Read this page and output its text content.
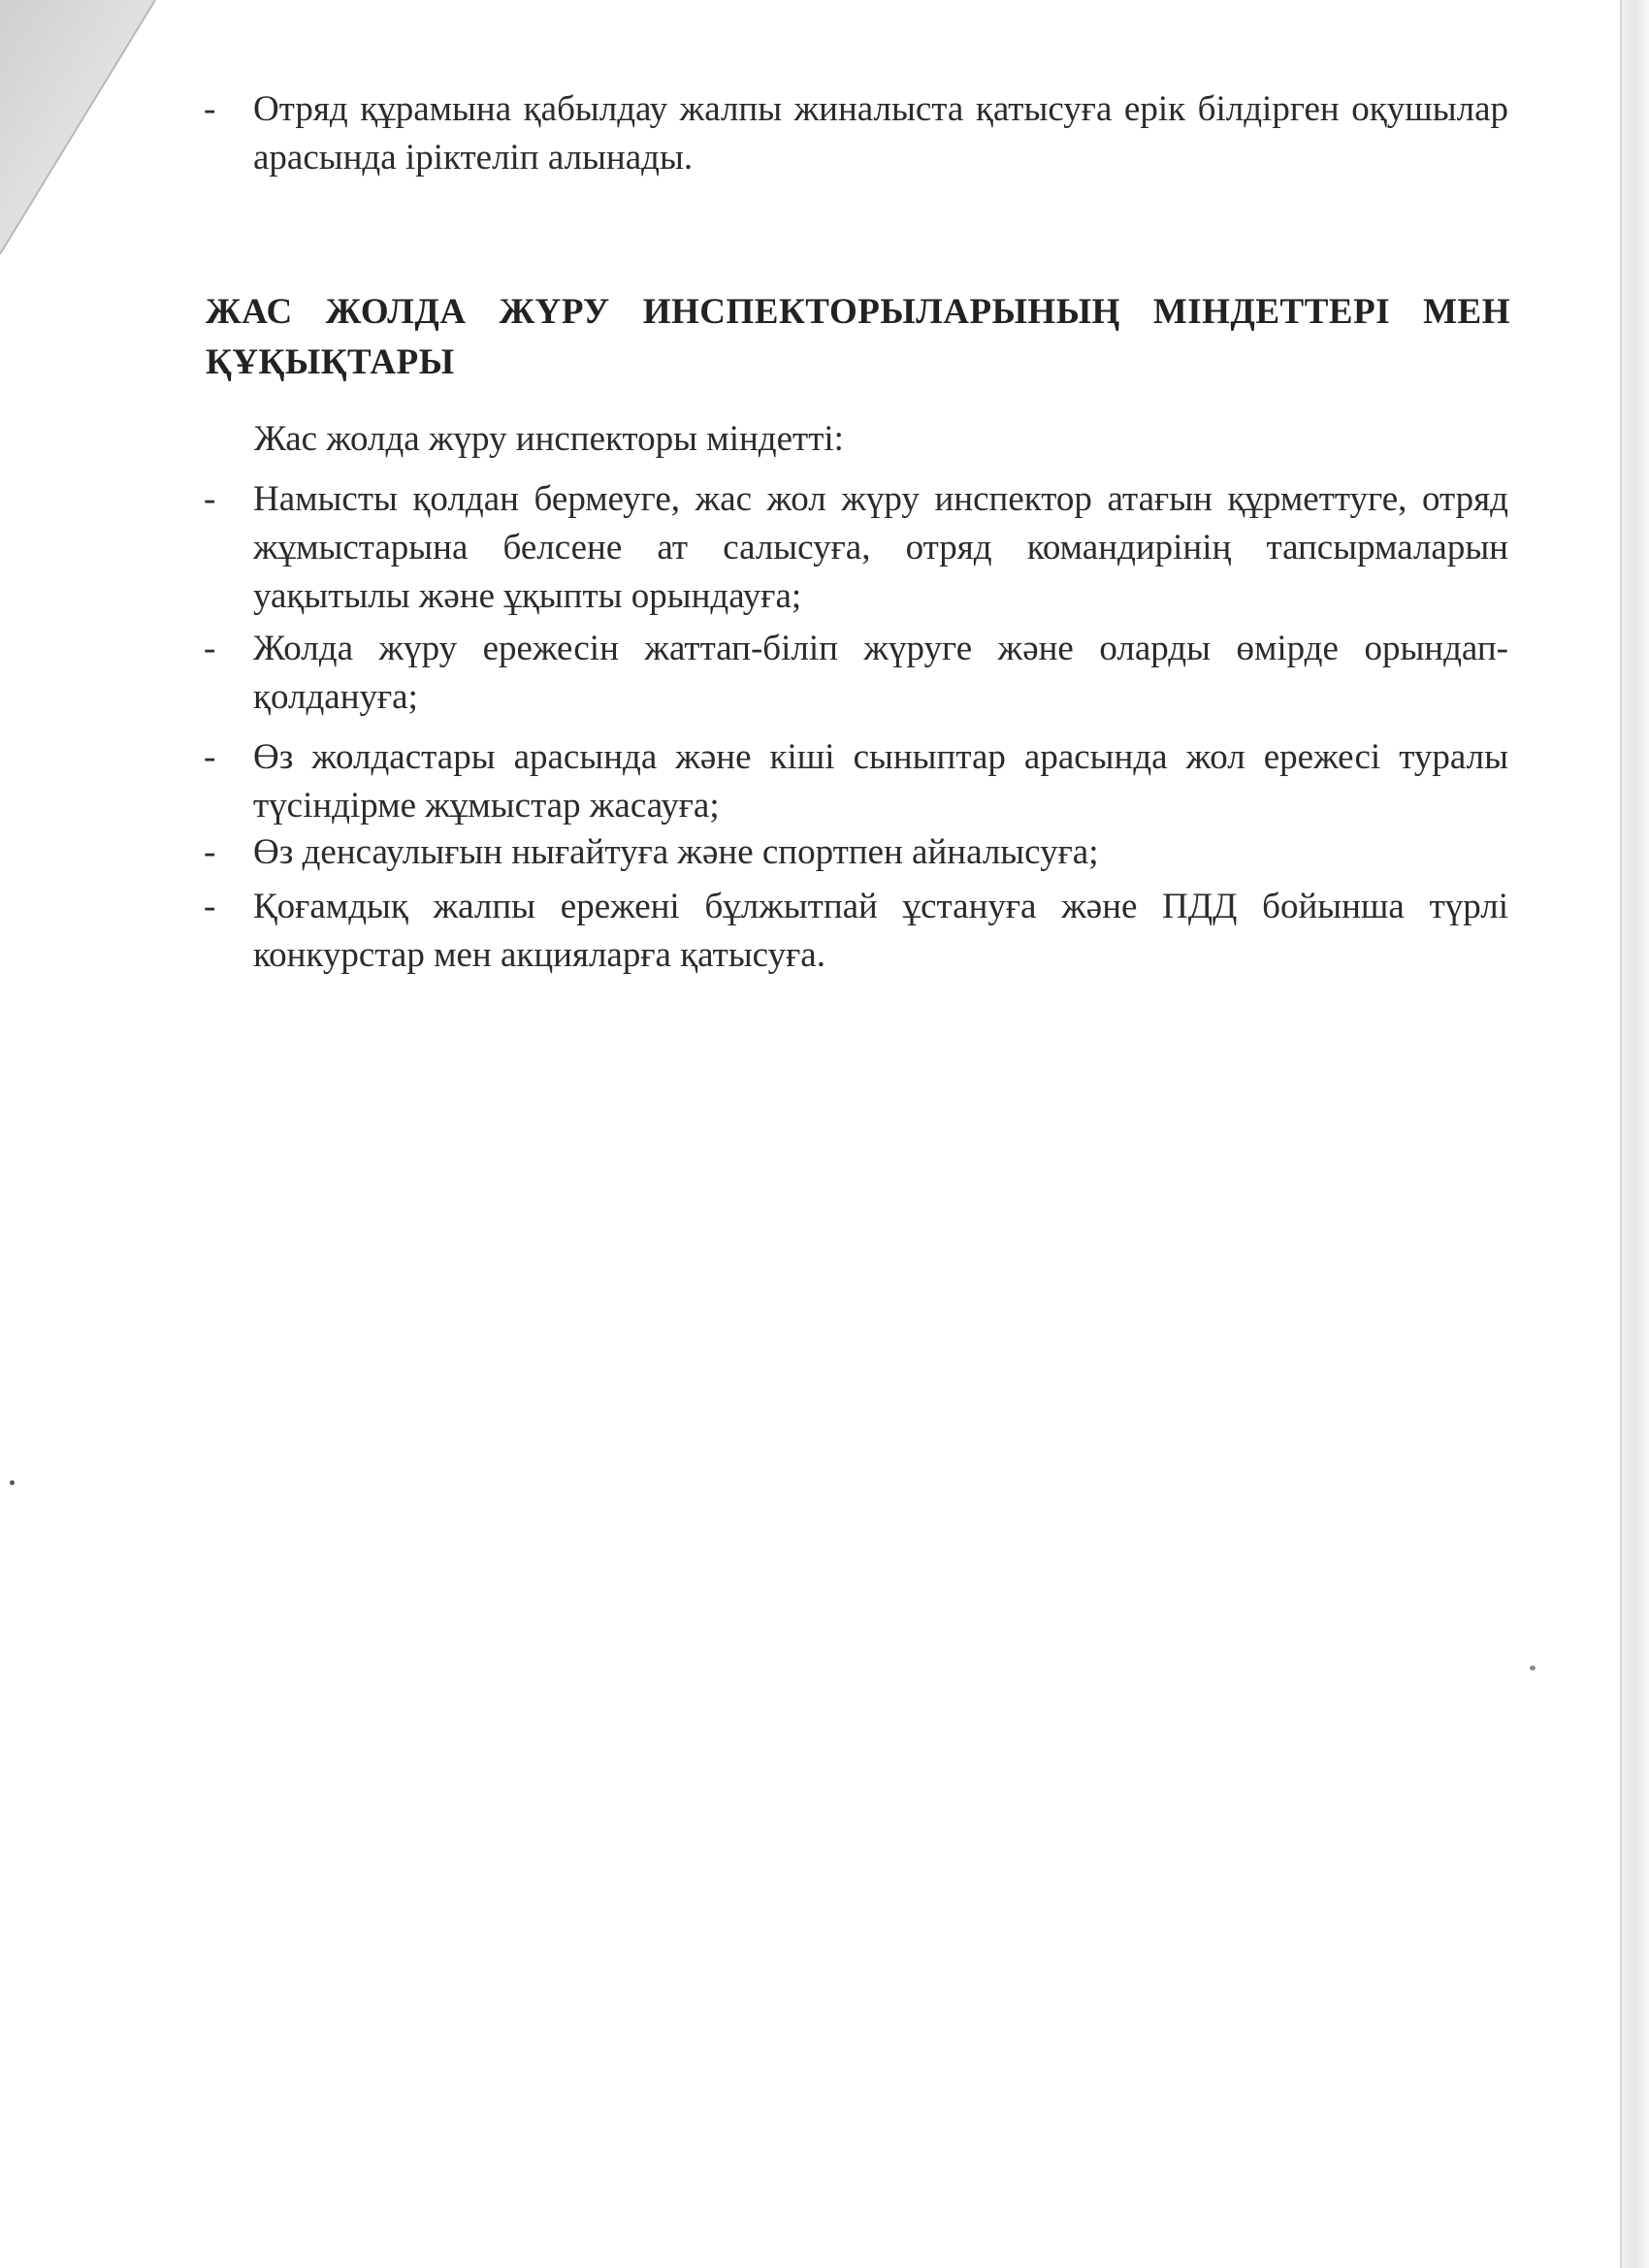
-	Отряд құрамына қабылдау жалпы жиналыста қатысуға ерік білдірген оқушылар арасында іріктеліп алынады.
ЖАС ЖОЛДА ЖҮРУ ИНСПЕКТОРЫЛАРЫНЫҢ МІНДЕТТЕРІ МЕН ҚҰҚЫҚТАРЫ
Жас жолда жүру инспекторы міндетті:
-	Намысты қолдан бермеуге, жас жол жүру инспектор атағын құрметтуге, отряд жұмыстарына белсене ат салысуға, отряд командирінің тапсырмаларын уақытылы және ұқыпты орындауға;
-	Жолда жүру ережесін жаттап-біліп жүруге және оларды өмірде орындап-қолдануға;
-	Өз жолдастары арасында және кіші сыныптар арасында жол ережесі туралы түсіндірме жұмыстар жасауға;
-	Өз денсаулығын нығайтуға және спортпен айналысуға;
-	Қоғамдық жалпы ережені бұлжытпай ұстануға және ПДД бойынша түрлі конкурстар мен акцияларға қатысуға.
